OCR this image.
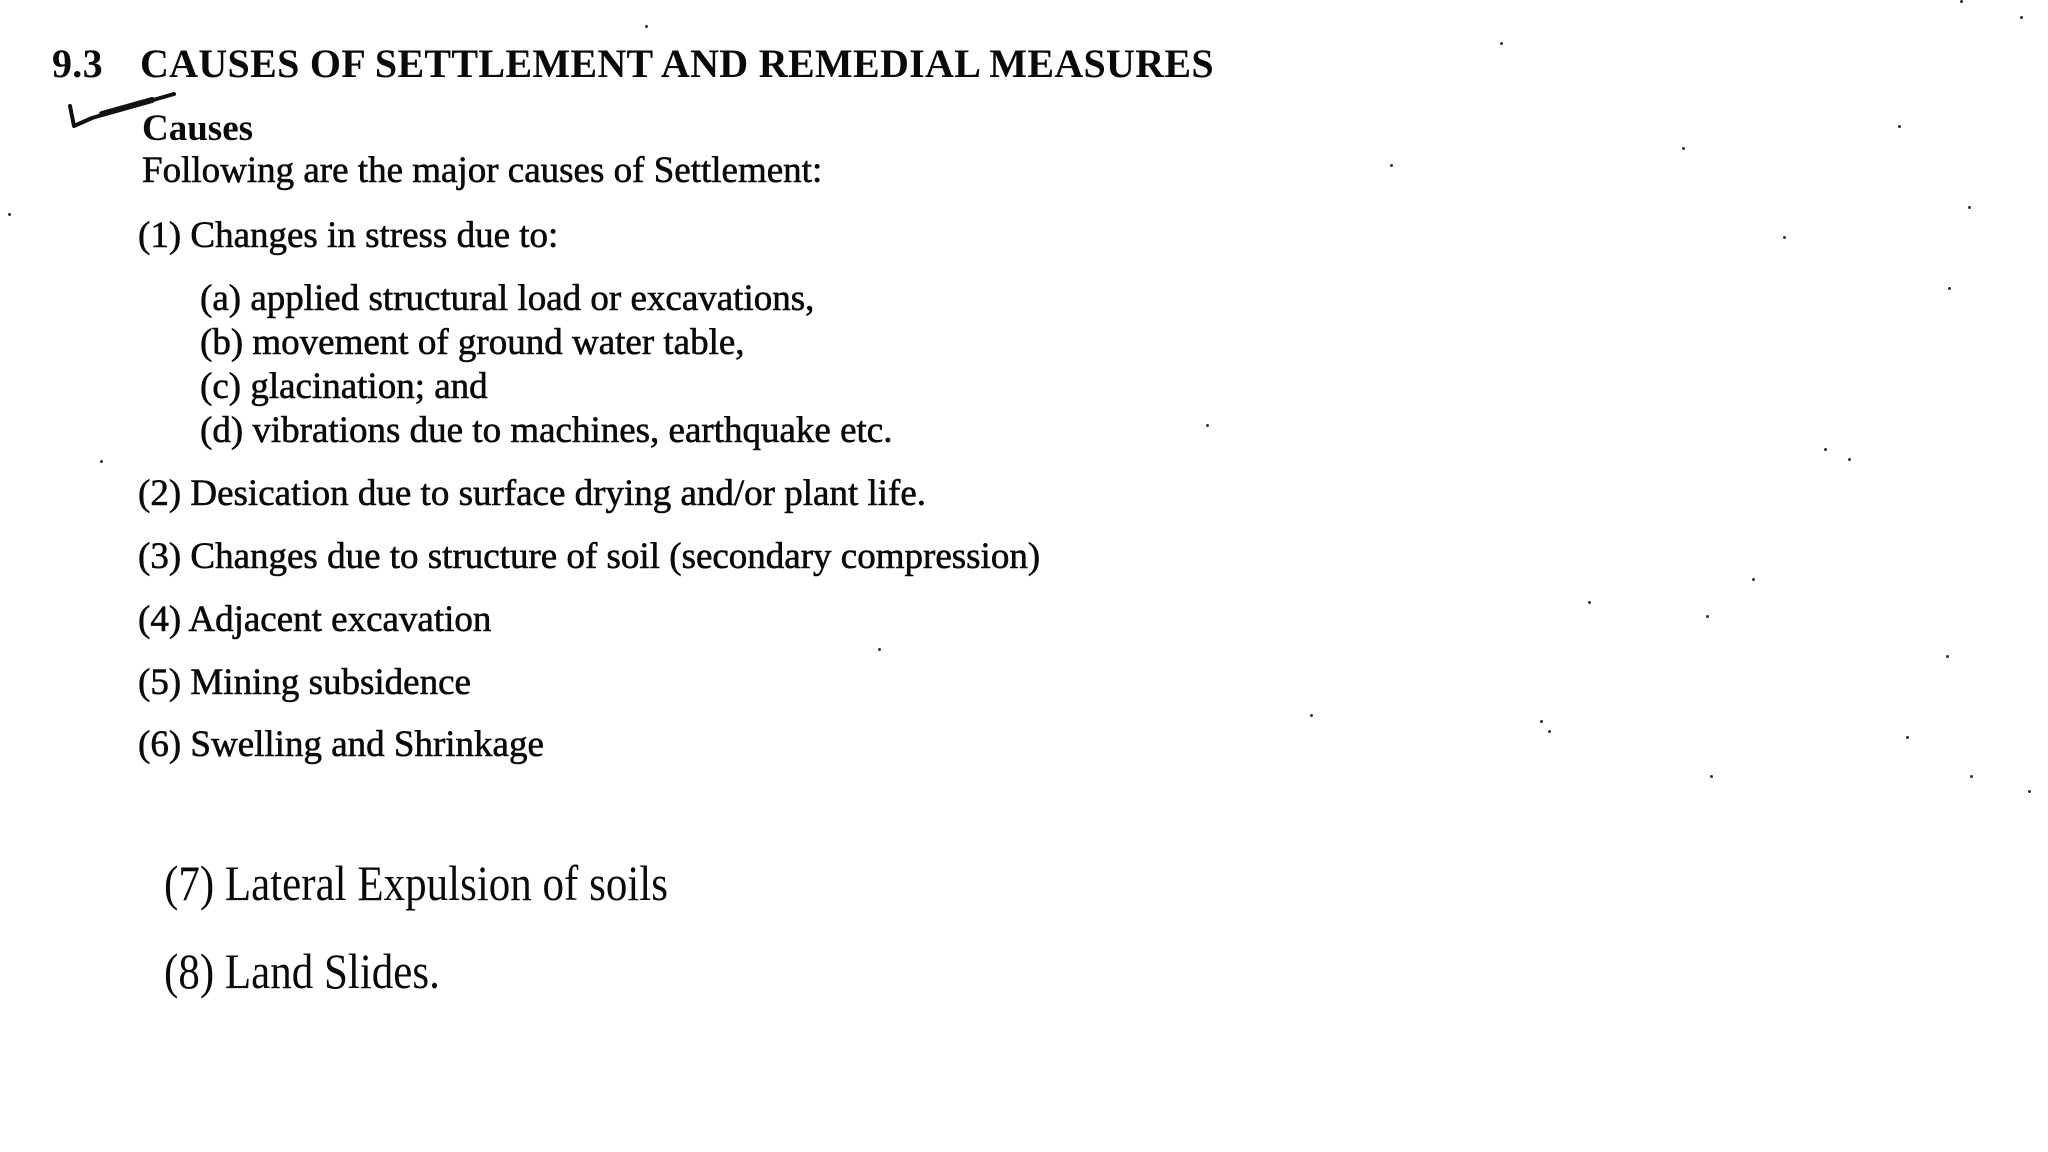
9.3 CAUSES OF SETTLEMENT AND REMEDIAL MEASURES
Causes
Following are the major causes of Settlement:
(1) Changes in stress due to:
(a) applied structural load or excavations,
(b) movement of ground water table,
(c) glacination; and
(d) vibrations due to machines, earthquake etc.
(2) Desication due to surface drying and/or plant life.
(3) Changes due to structure of soil (secondary compression)
(4) Adjacent excavation
(5) Mining subsidence
(6) Swelling and Shrinkage
(7) Lateral Expulsion of soils
(8) Land Slides.
